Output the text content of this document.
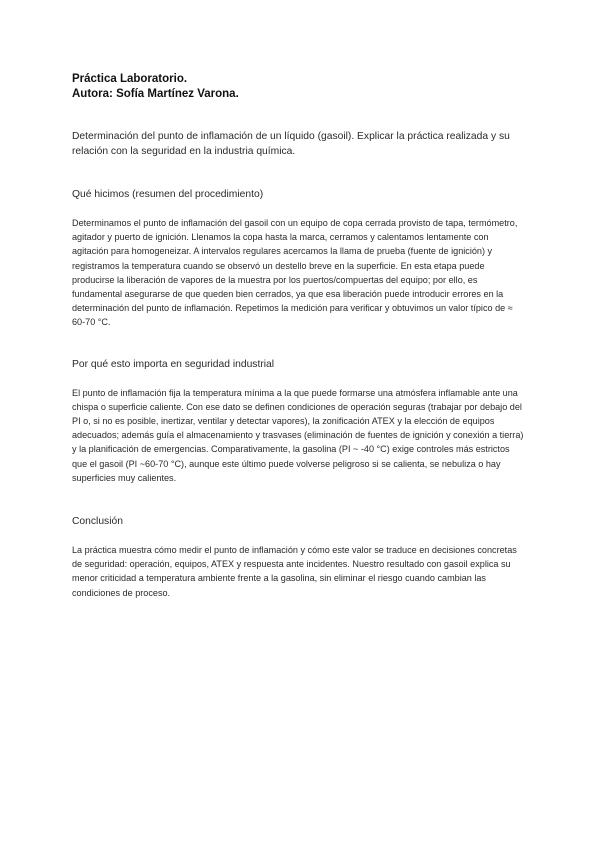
Práctica Laboratorio.

Autora: Sofía Martínez Varona.

Determinación del punto de inflamación de un líquido (gasoil). Explicar la práctica realizada y su relación con la seguridad en la industria química.

Qué hicimos (resumen del procedimiento)

Determinamos el punto de inflamación del gasoil con un equipo de copa cerrada provisto de tapa, termómetro, agitador y puerto de ignición. Llenamos la copa hasta la marca, cerramos y calentamos lentamente con agitación para homogeneizar. A intervalos regulares acercamos la llama de prueba (fuente de ignición) y registramos la temperatura cuando se observó un destello breve en la superficie. En esta etapa puede producirse la liberación de vapores de la muestra por los puertos/compuertas del equipo; por ello, es fundamental asegurarse de que queden bien cerrados, ya que esa liberación puede introducir errores en la determinación del punto de inflamación. Repetimos la medición para verificar y obtuvimos un valor típico de ≈ 60-70 °C.

Por qué esto importa en seguridad industrial

El punto de inflamación fija la temperatura mínima a la que puede formarse una atmósfera inflamable ante una chispa o superficie caliente. Con ese dato se definen condiciones de operación seguras (trabajar por debajo del PI o, si no es posible, inertizar, ventilar y detectar vapores), la zonificación ATEX y la elección de equipos adecuados; además guía el almacenamiento y trasvases (eliminación de fuentes de ignición y conexión a tierra) y la planificación de emergencias. Comparativamente, la gasolina (PI ~ -40 °C) exige controles más estrictos que el gasoil (PI ~60-70 °C), aunque este último puede volverse peligroso si se calienta, se nebuliza o hay superficies muy calientes.

Conclusión

La práctica muestra cómo medir el punto de inflamación y cómo este valor se traduce en decisiones concretas de seguridad: operación, equipos, ATEX y respuesta ante incidentes. Nuestro resultado con gasoil explica su menor criticidad a temperatura ambiente frente a la gasolina, sin eliminar el riesgo cuando cambian las condiciones de proceso.
